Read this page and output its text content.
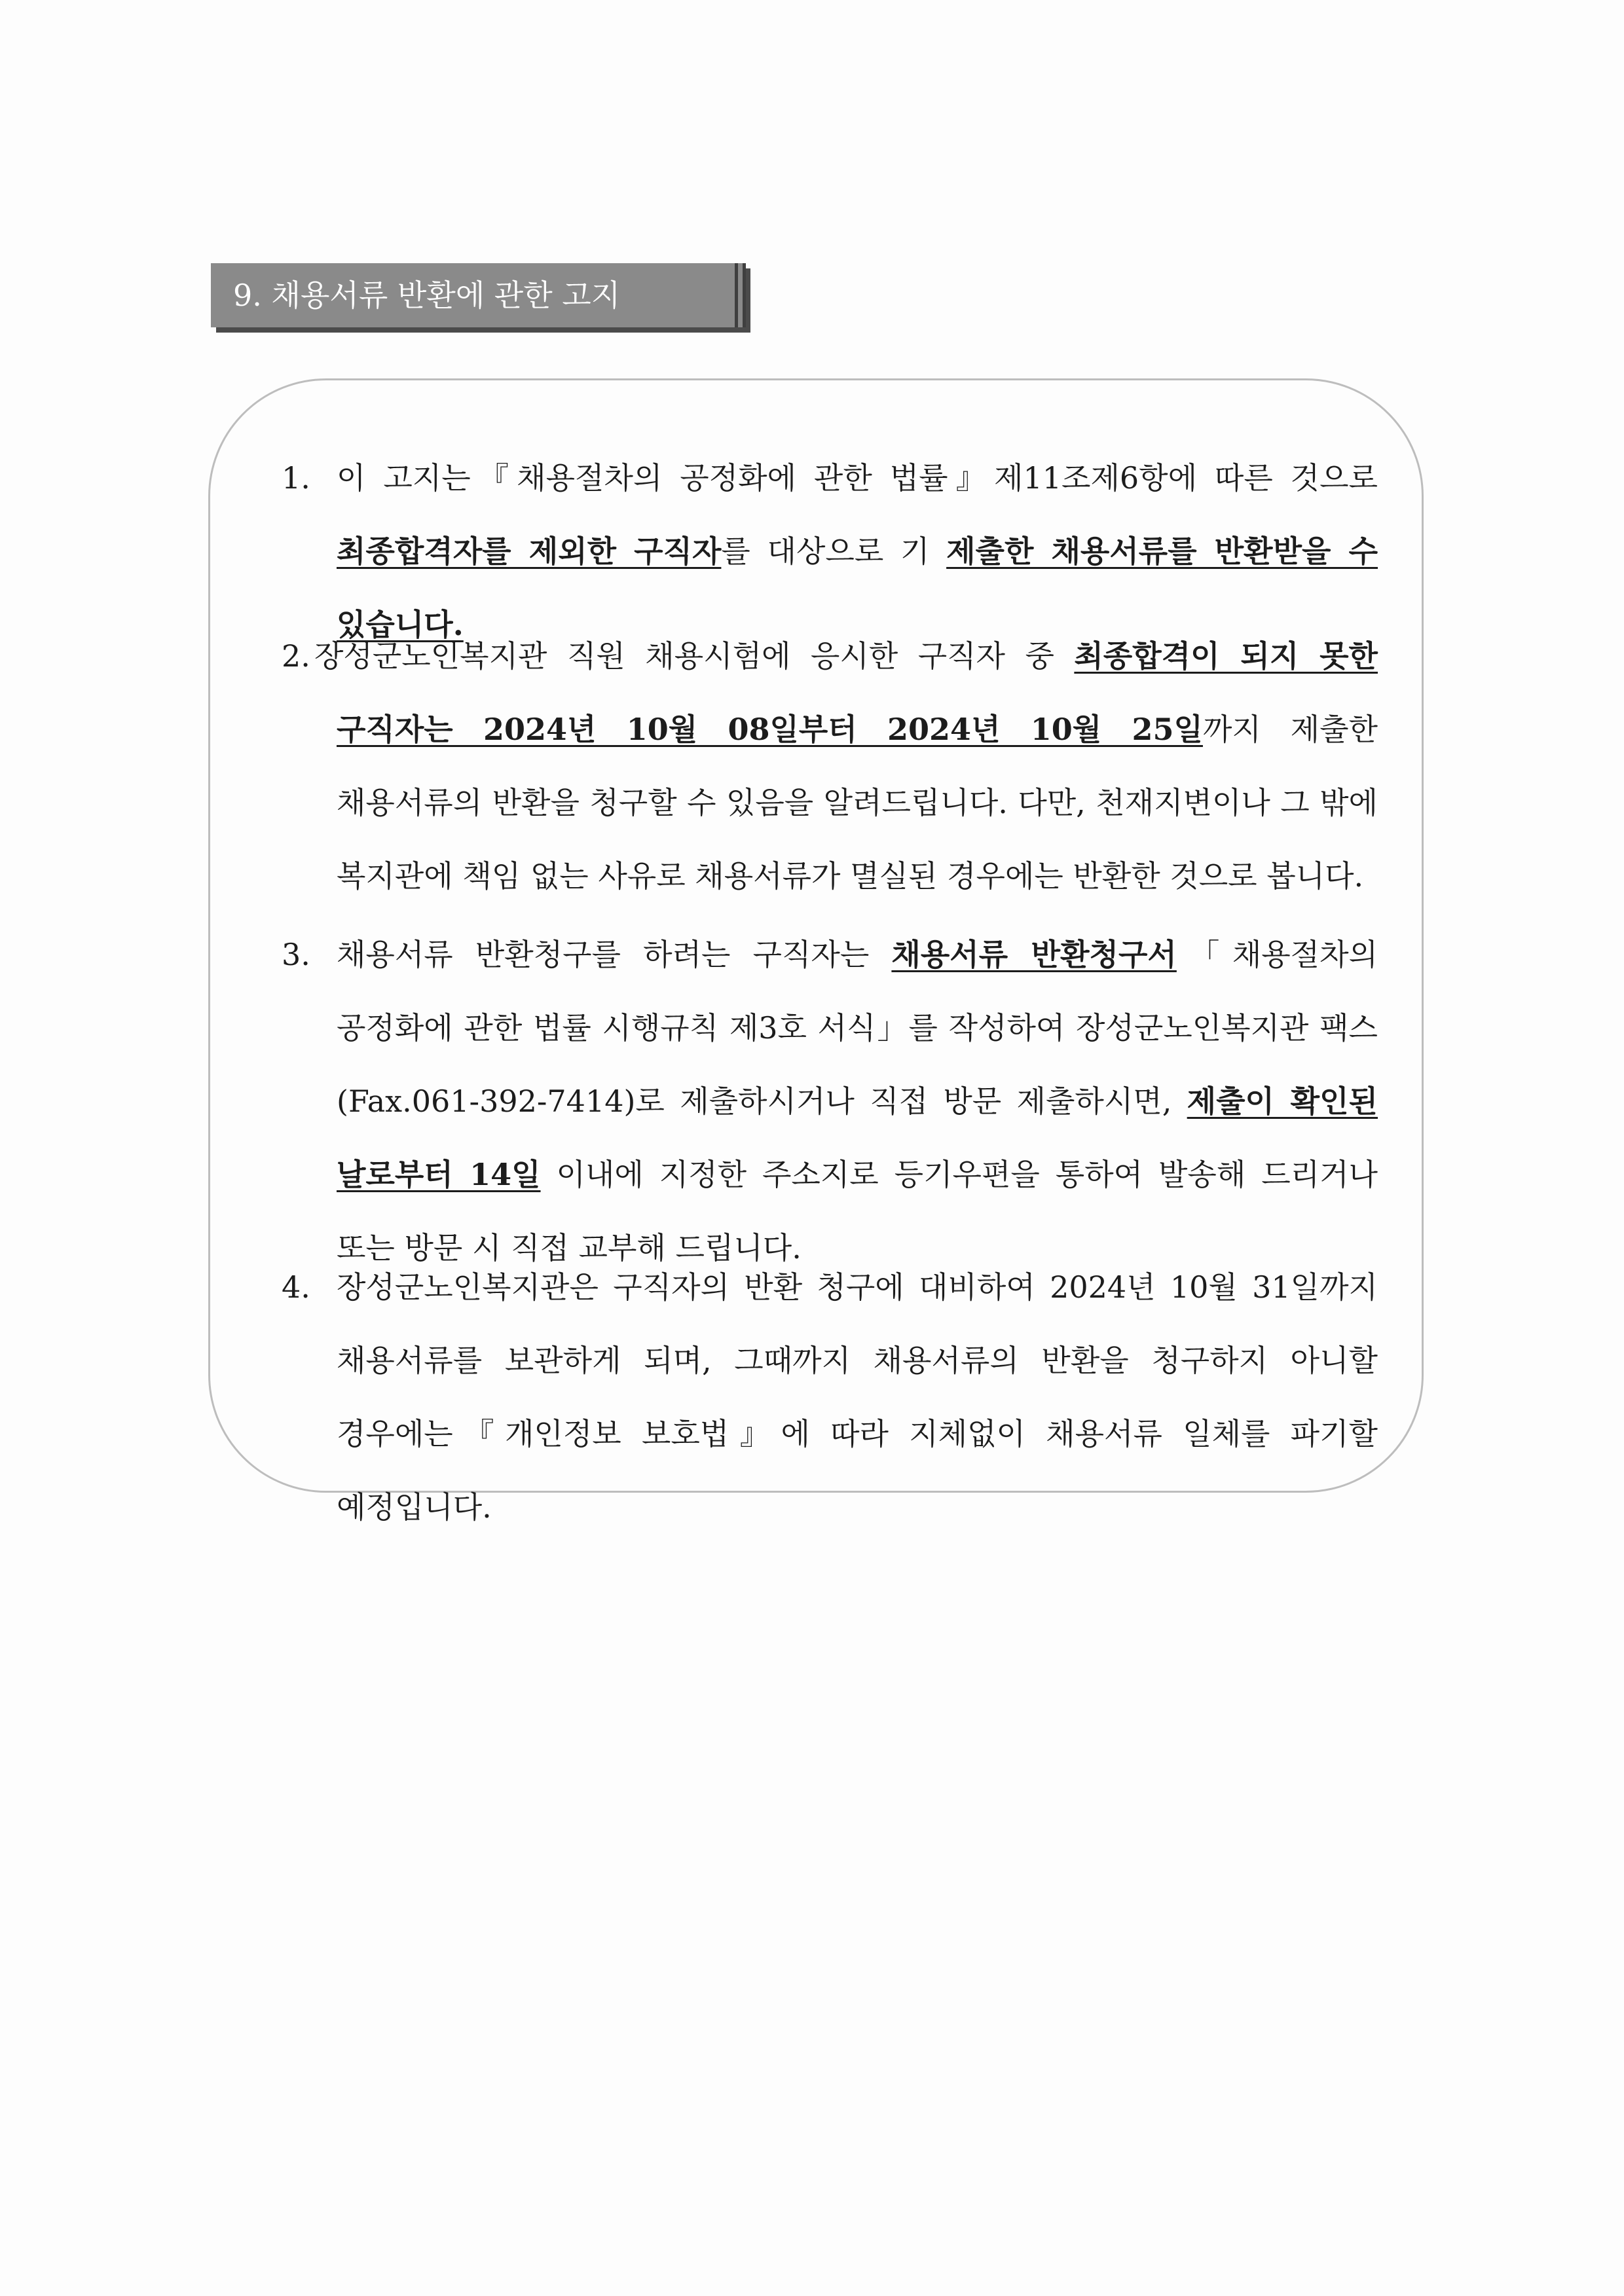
9. 채용서류 반환에 관한 고지
1. 이 고지는『채용절차의 공정화에 관한 법률』제11조제6항에 따른 것으로 최종합격자를 제외한 구직자를 대상으로 기 제출한 채용서류를 반환받을 수 있습니다.
2. 장성군노인복지관 직원 채용시험에 응시한 구직자 중 최종합격이 되지 못한 구직자는 2024년 10월 08일부터 2024년 10월 25일까지 제출한 채용서류의 반환을 청구할 수 있음을 알려드립니다. 다만, 천재지변이나 그 밖에 복지관에 책임 없는 사유로 채용서류가 멸실된 경우에는 반환한 것으로 봅니다.
3. 채용서류 반환청구를 하려는 구직자는 채용서류 반환청구서「채용절차의 공정화에 관한 법률 시행규칙 제3호 서식」를 작성하여 장성군노인복지관 팩스(Fax.061-392-7414)로 제출하시거나 직접 방문 제출하시면, 제출이 확인된 날로부터 14일 이내에 지정한 주소지로 등기우편을 통하여 발송해 드리거나 또는 방문 시 직접 교부해 드립니다.
4. 장성군노인복지관은 구직자의 반환 청구에 대비하여 2024년 10월 31일까지 채용서류를 보관하게 되며, 그때까지 채용서류의 반환을 청구하지 아니할 경우에는『개인정보 보호법』에 따라 지체없이 채용서류 일체를 파기할 예정입니다.
